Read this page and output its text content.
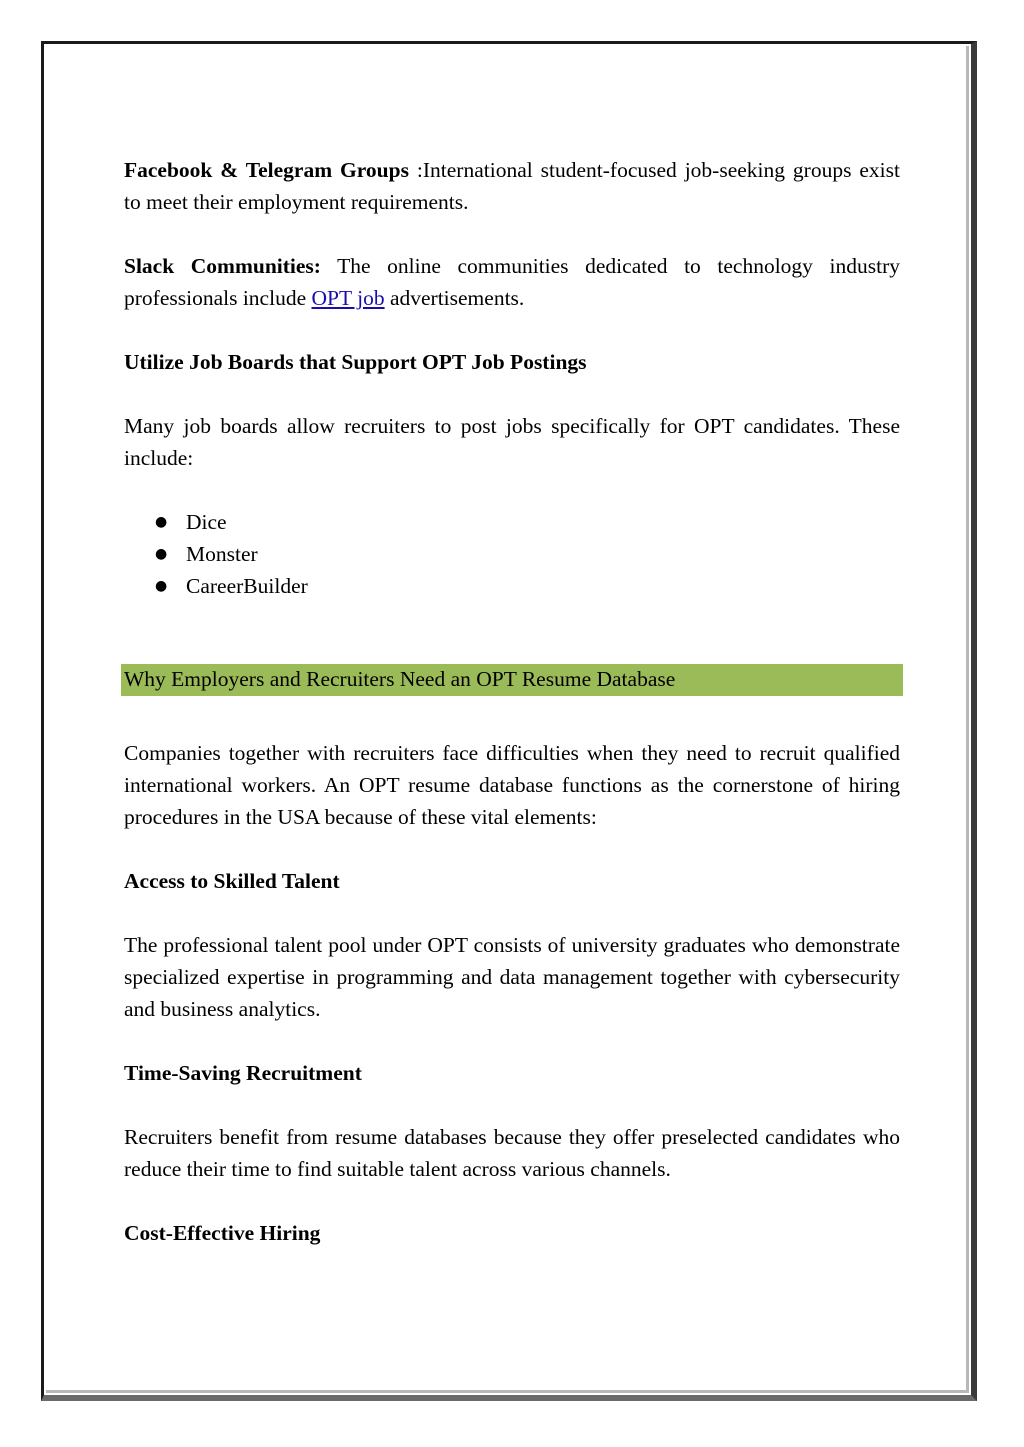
Facebook & Telegram Groups :International student-focused job-seeking groups exist to meet their employment requirements.

Slack Communities: The online communities dedicated to technology industry professionals include OPT job advertisements.

Utilize Job Boards that Support OPT Job Postings

Many job boards allow recruiters to post jobs specifically for OPT candidates. These include:

● Dice
● Monster
● CareerBuilder
Why Employers and Recruiters Need an OPT Resume Database

Companies together with recruiters face difficulties when they need to recruit qualified international workers. An OPT resume database functions as the cornerstone of hiring procedures in the USA because of these vital elements:

Access to Skilled Talent

The professional talent pool under OPT consists of university graduates who demonstrate specialized expertise in programming and data management together with cybersecurity and business analytics.

Time-Saving Recruitment

Recruiters benefit from resume databases because they offer preselected candidates who reduce their time to find suitable talent across various channels.

Cost-Effective Hiring
